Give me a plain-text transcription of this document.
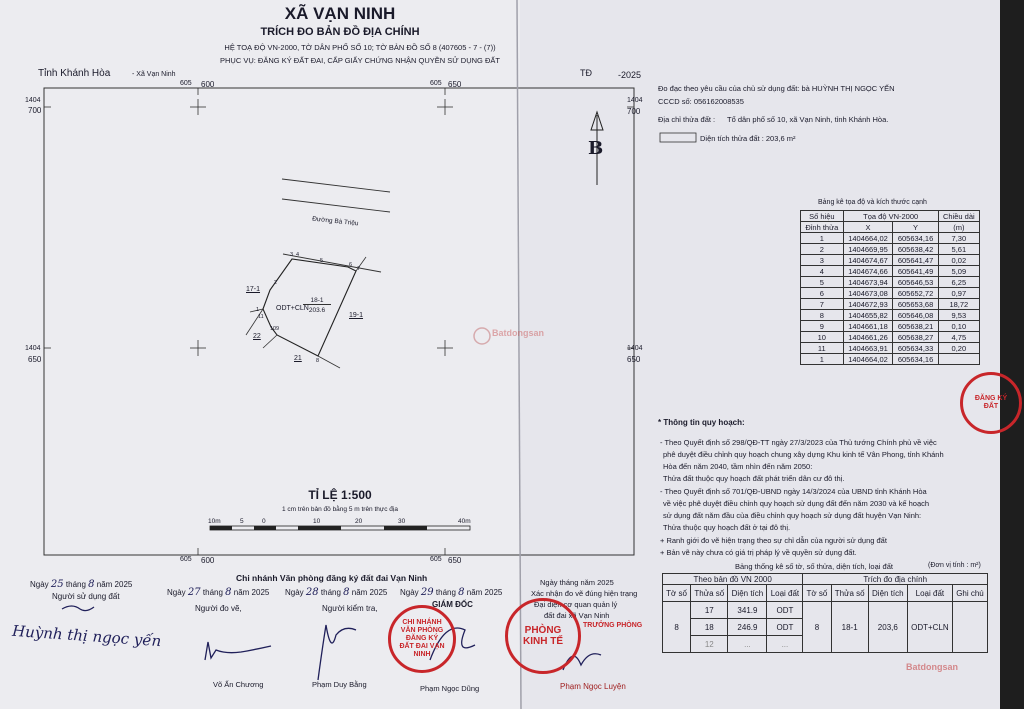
XÃ VẠN NINH
TRÍCH ĐO BẢN ĐỒ ĐỊA CHÍNH
HỆ TOẠ ĐỘ VN-2000, TỜ DÂN PHỐ SỐ 10; TỜ BẢN ĐỒ SỐ 8 (407605 - 7 - (7))
PHỤC VỤ: ĐĂNG KÝ ĐẤT ĐAI, CẤP GIẤY CHỨNG NHẬN QUYỀN SỬ DỤNG ĐẤT
Tỉnh Khánh Hòa	- Xã Vạn Ninh	TĐ	-2025
605 600	605 650
1404
700
1404
700
1404
650
1404
650
605 600	605 650
B
Đường Bà Triệu
ODT+CLN
18-1
203.6
17-1
19-1
22
21
2
3 4
5
6
7
1
11
10 9
8
TỈ LỆ 1:500
1 cm trên bản đồ bằng 5 m trên thực địa
10m	5	0	10	20	30	40m
Batdongsan
Batdongsan
Đo đạc theo yêu cầu của chủ sử dụng đất: bà HUỲNH THỊ NGỌC YẾN
CCCD số: 056162008535
Địa chỉ thửa đất : Tổ dân phố số 10, xã Vạn Ninh, tỉnh Khánh Hòa.
Diện tích thửa đất : 203,6 m²
Bảng kê tọa độ và kích thước cạnh
Số hiệu	Tọa độ VN-2000		Chiều dài
Đỉnh thửa	X	Y	(m)
1	1404664,02	605634,16	7,30
2	1404669,95	605638,42	5,61
3	1404674,67	605641,47	0,02
4	1404674,66	605641,49	5,09
5	1404673,94	605646,53	6,25
6	1404673,08	605652,72	0,97
7	1404672,93	605653,68	18,72
8	1404655,82	605646,08	9,53
9	1404661,18	605638,21	0,10
10	1404661,26	605638,27	4,75
11	1404663,91	605634,33	0,20
1	1404664,02	605634,16	
* Thông tin quy hoạch:
- Theo Quyết định số 298/QĐ-TT ngày 27/3/2023 của Thủ tướng Chính phủ về việc
phê duyệt điều chỉnh quy hoạch chung xây dựng Khu kinh tế Vân Phong, tỉnh Khánh
Hòa đến năm 2040, tầm nhìn đến năm 2050:
Thửa đất thuộc quy hoạch đất phát triển dân cư đô thị.
- Theo Quyết định số 701/QĐ-UBND ngày 14/3/2024 của UBND tỉnh Khánh Hòa
về việc phê duyệt điều chỉnh quy hoạch sử dụng đất đến năm 2030 và kế hoạch
sử dụng đất năm đầu của điều chỉnh quy hoạch sử dụng đất huyện Vạn Ninh:
Thửa thuộc quy hoạch đất ở tại đô thị.
+ Ranh giới đo vẽ hiện trạng theo sự chỉ dẫn của người sử dụng đất
+ Bản vẽ này chưa có giá trị pháp lý về quyền sử dụng đất.
Bảng thống kê số tờ, số thửa, diện tích, loại đất	(Đơn vị tính : m²)
Theo bản đồ VN 2000				Trích đo địa chính				
Tờ số	Thửa số	Diện tích	Loại đất	Tờ số	Thửa số	Diện tích	Loại đất	Ghi chú
8	17	341.9	ODT	8	18-1	203,6	ODT+CLN	
	18	246.9	ODT					
	12	...	...					
Ngày 25 tháng 8 năm 2025
Người sử dụng đất
Huỳnh thị ngọc yến
Chi nhánh Văn phòng đăng ký đất đai Vạn Ninh
Ngày 27 tháng 8 năm 2025
Người đo vẽ,
Võ Ấn Chương
Ngày 28 tháng 8 năm 2025
Người kiểm tra,
Phạm Duy Bằng
Ngày 29 tháng 8 năm 2025
GIÁM ĐỐC
Phạm Ngọc Dũng
Ngày tháng năm 2025
Xác nhận đo vẽ đúng hiện trạng
Đại diện cơ quan quản lý
đất đai xã Vạn Ninh
TRƯỞNG PHÒNG
Phạm Ngọc Luyện
CHI NHÁNH VĂN PHÒNG ĐĂNG KÝ ĐẤT ĐAI VẠN NINH
PHÒNG KINH TẾ
ĐĂNG KÝ ĐẤT
